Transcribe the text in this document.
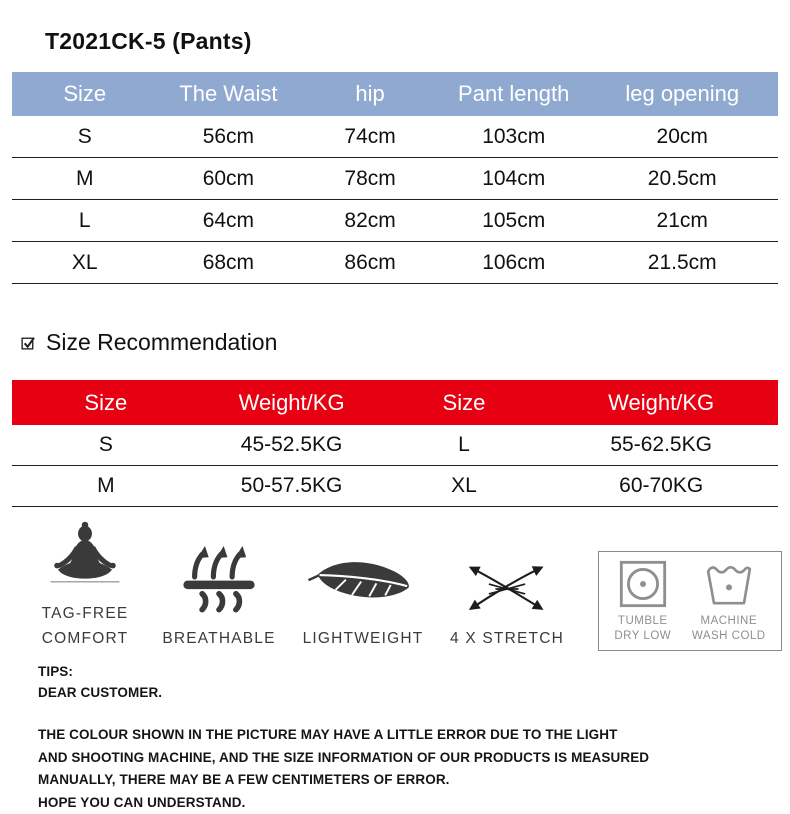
T2021CK-5 (Pants)
Size	The Waist	hip	Pant length	leg opening
S	56cm	74cm	103cm	20cm
M	60cm	78cm	104cm	20.5cm
L	64cm	82cm	105cm	21cm
XL	68cm	86cm	106cm	21.5cm
Size Recommendation
Size	Weight/KG	Size	Weight/KG
S	45-52.5KG	L	55-62.5KG
M	50-57.5KG	XL	60-70KG
TAG-FREE
COMFORT BREATHABLE LIGHTWEIGHT 4 X STRETCH
TUMBLE
DRY LOW
MACHINE
WASH COLD

TIPS:

DEAR CUSTOMER.

THE COLOUR SHOWN IN THE PICTURE MAY HAVE A LITTLE ERROR DUE TO THE LIGHT

AND SHOOTING MACHINE, AND THE SIZE INFORMATION OF OUR PRODUCTS IS MEASURED

MANUALLY, THERE MAY BE A FEW CENTIMETERS OF ERROR.

HOPE YOU CAN UNDERSTAND.
